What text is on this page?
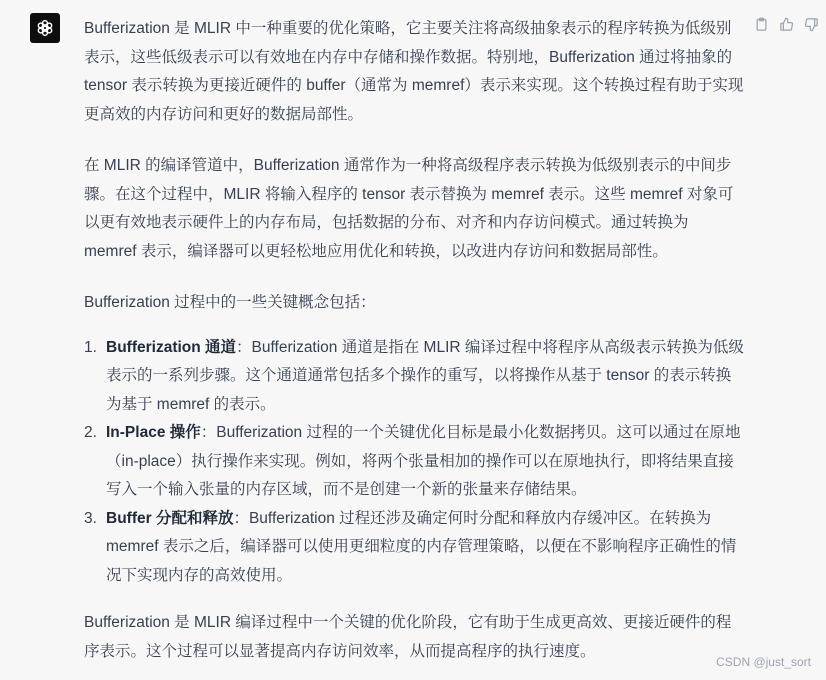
Bufferization 是 MLIR 中一种重要的优化策略，它主要关注将高级抽象表示的程序转换为低级别表示，这些低级表示可以有效地在内存中存储和操作数据。特别地，Bufferization 通过将抽象的 tensor 表示转换为更接近硬件的 buffer（通常为 memref）表示来实现。这个转换过程有助于实现更高效的内存访问和更好的数据局部性。

在 MLIR 的编译管道中，Bufferization 通常作为一种将高级程序表示转换为低级别表示的中间步骤。在这个过程中，MLIR 将输入程序的 tensor 表示替换为 memref 表示。这些 memref 对象可以更有效地表示硬件上的内存布局，包括数据的分布、对齐和内存访问模式。通过转换为 memref 表示，编译器可以更轻松地应用优化和转换，以改进内存访问和数据局部性。

Bufferization 过程中的一些关键概念包括：

1. Bufferization 通道：Bufferization 通道是指在 MLIR 编译过程中将程序从高级表示转换为低级表示的一系列步骤。这个通道通常包括多个操作的重写，以将操作从基于 tensor 的表示转换为基于 memref 的表示。
2. In-Place 操作：Bufferization 过程的一个关键优化目标是最小化数据拷贝。这可以通过在原地（in-place）执行操作来实现。例如，将两个张量相加的操作可以在原地执行，即将结果直接写入一个输入张量的内存区域，而不是创建一个新的张量来存储结果。
3. Buffer 分配和释放：Bufferization 过程还涉及确定何时分配和释放内存缓冲区。在转换为 memref 表示之后，编译器可以使用更细粒度的内存管理策略，以便在不影响程序正确性的情况下实现内存的高效使用。

Bufferization 是 MLIR 编译过程中一个关键的优化阶段，它有助于生成更高效、更接近硬件的程序表示。这个过程可以显著提高内存访问效率，从而提高程序的执行速度。

CSDN @just_sort
